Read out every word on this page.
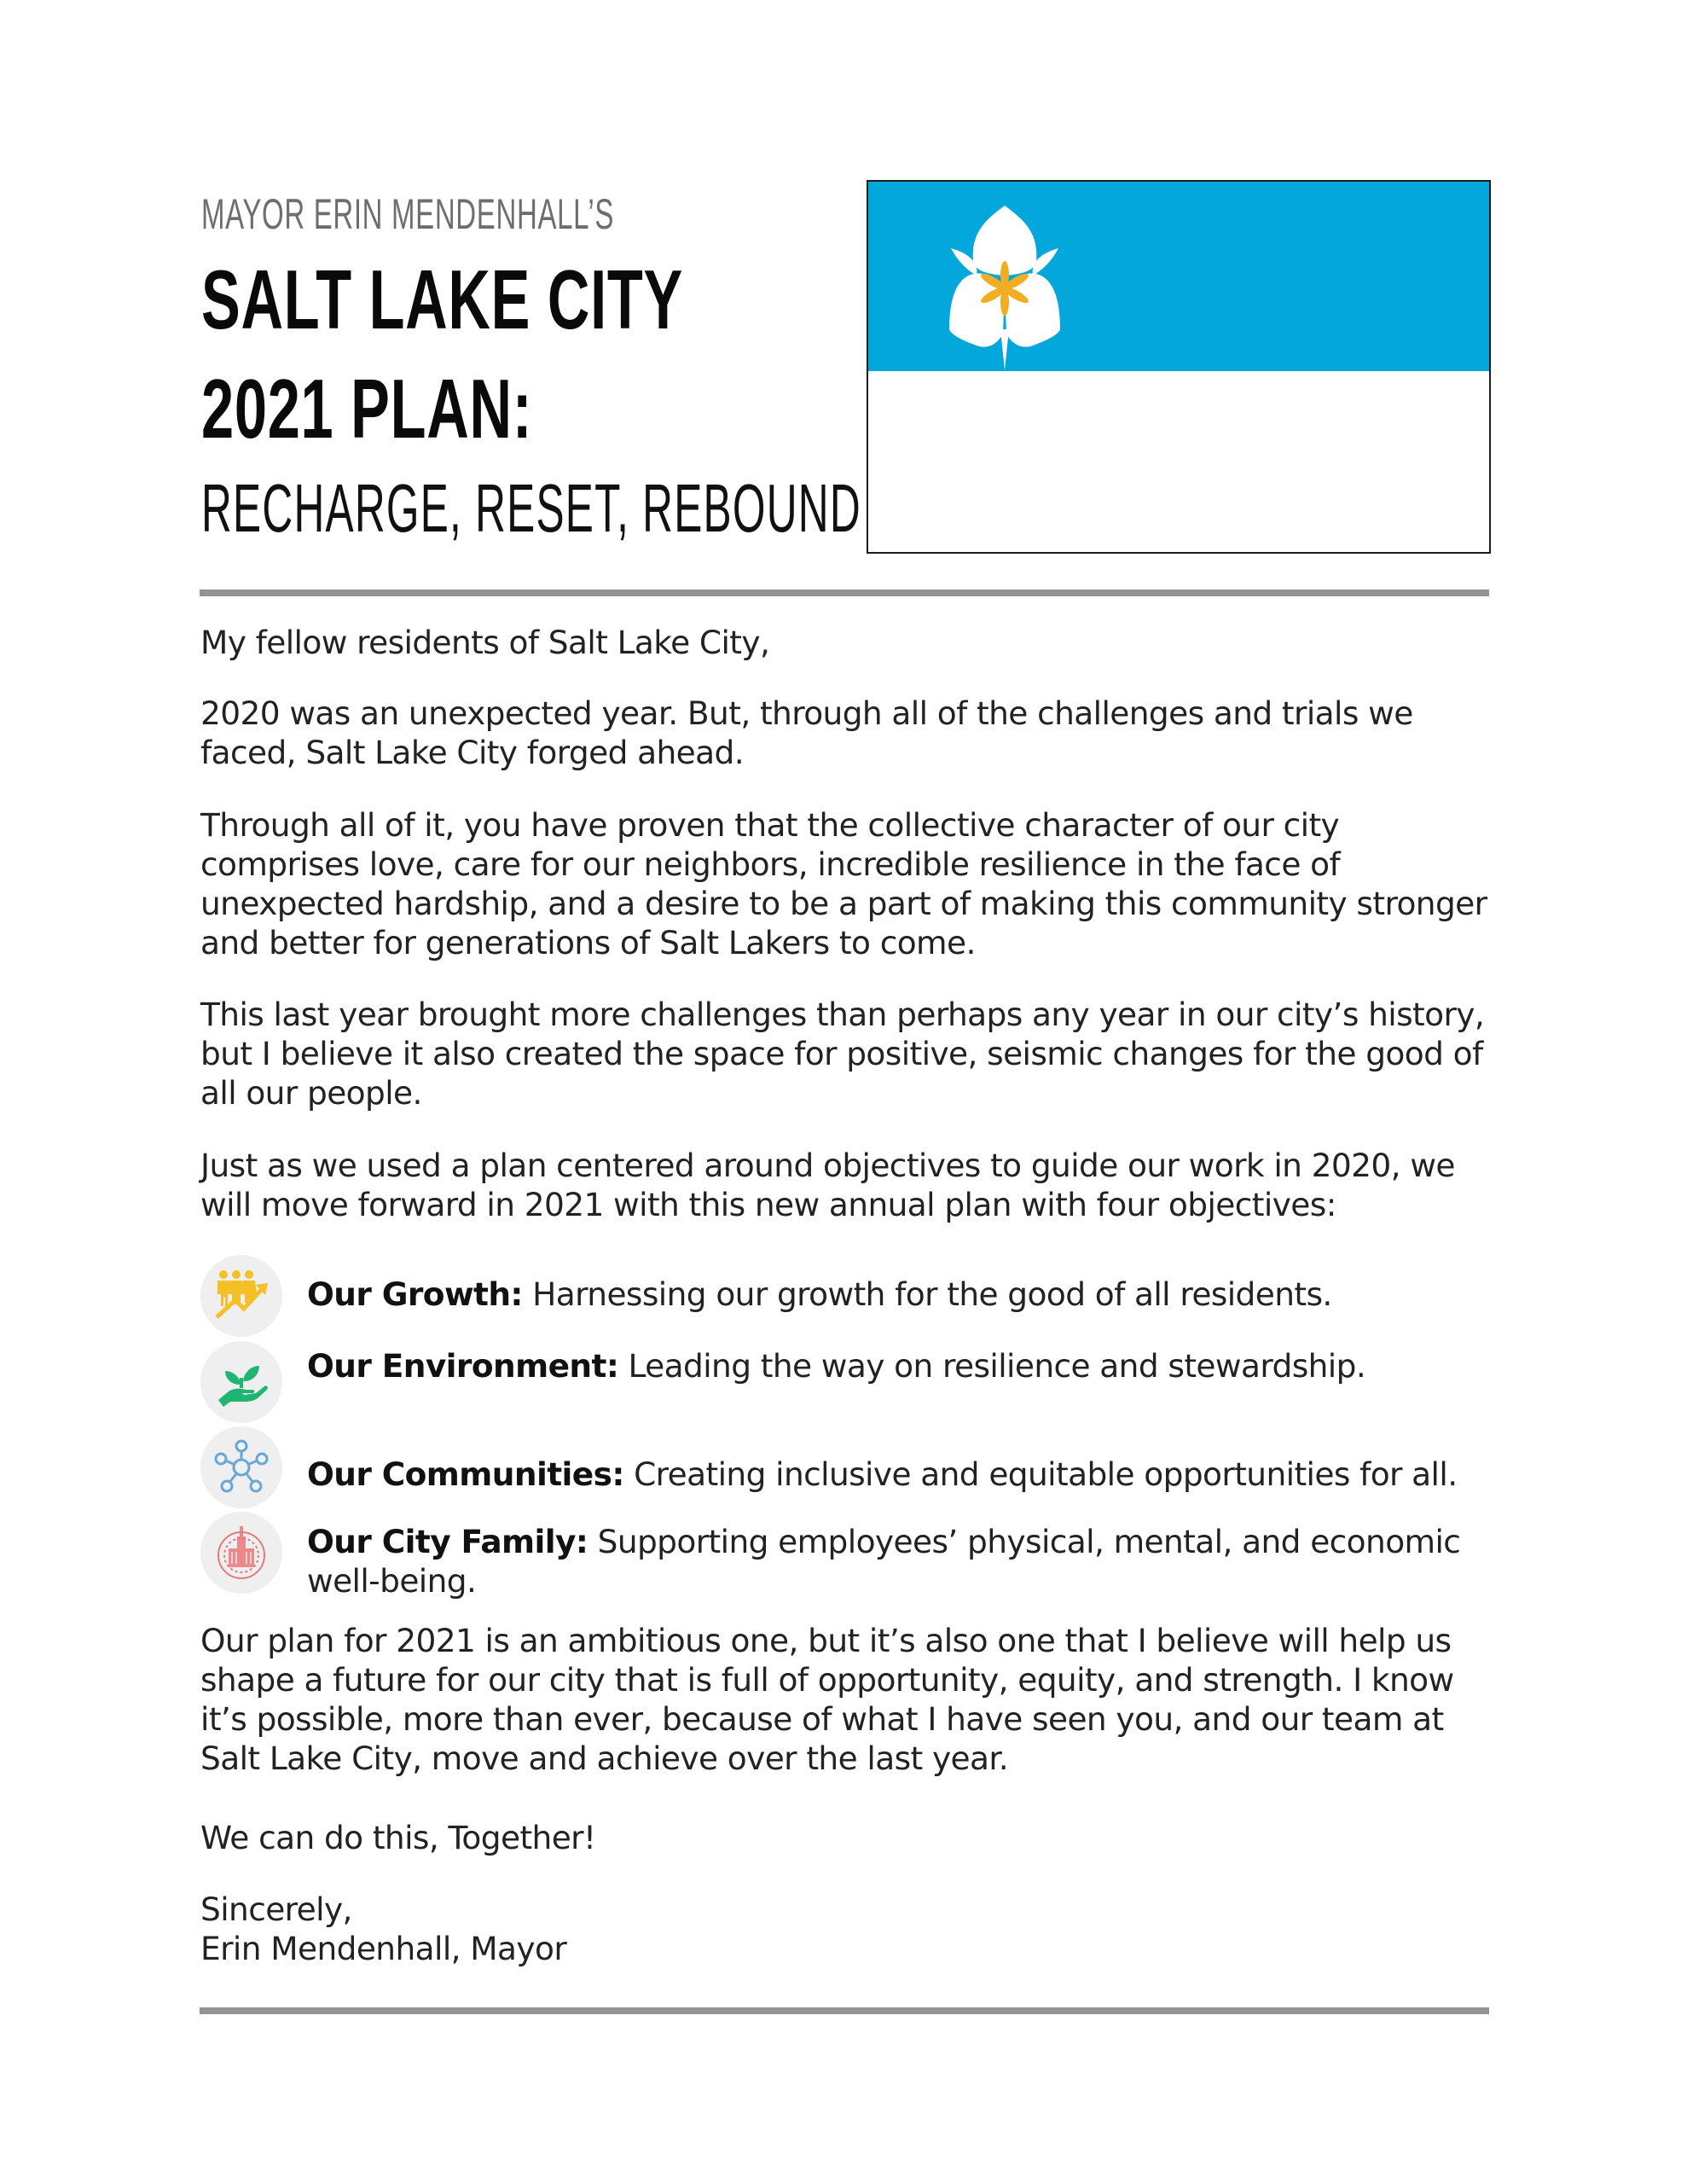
MAYOR ERIN MENDENHALL’S
SALT LAKE CITY
2021 PLAN:
RECHARGE, RESET, REBOUND

My fellow residents of Salt Lake City,

2020 was an unexpected year. But, through all of the challenges and trials we faced, Salt Lake City forged ahead.

Through all of it, you have proven that the collective character of our city comprises love, care for our neighbors, incredible resilience in the face of unexpected hardship, and a desire to be a part of making this community stronger and better for generations of Salt Lakers to come.

This last year brought more challenges than perhaps any year in our city’s history, but I believe it also created the space for positive, seismic changes for the good of all our people.

Just as we used a plan centered around objectives to guide our work in 2020, we will move forward in 2021 with this new annual plan with four objectives:

Our Growth: Harnessing our growth for the good of all residents.
Our Environment: Leading the way on resilience and stewardship.
Our Communities: Creating inclusive and equitable opportunities for all.
Our City Family: Supporting employees’ physical, mental, and economic well-being.

Our plan for 2021 is an ambitious one, but it’s also one that I believe will help us shape a future for our city that is full of opportunity, equity, and strength. I know it’s possible, more than ever, because of what I have seen you, and our team at Salt Lake City, move and achieve over the last year.

We can do this, Together!

Sincerely,

Erin Mendenhall, Mayor
